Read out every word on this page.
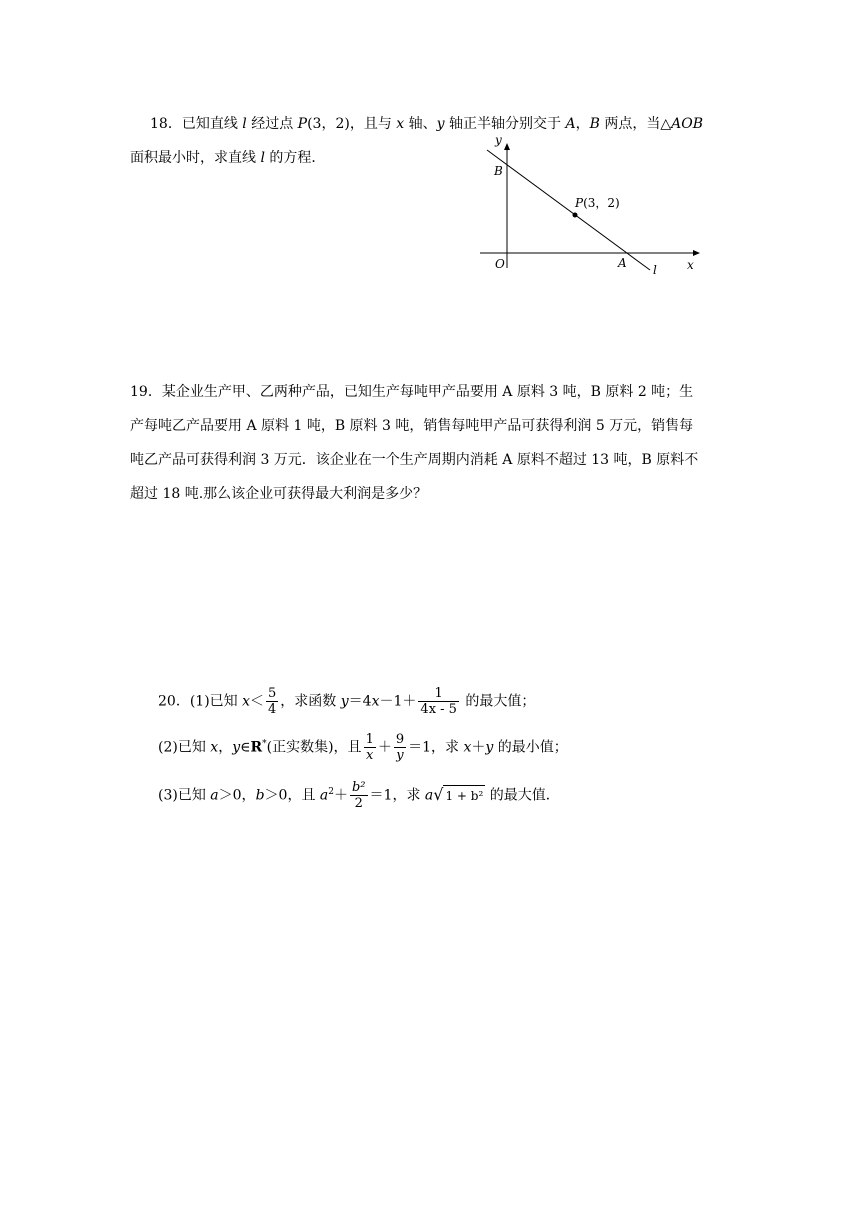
18．已知直线 l 经过点 P(3，2)，且与 x 轴、y 轴正半轴分别交于 A，B 两点，当△AOB
面积最小时，求直线 l 的方程．
y
x
O
B
A l
P(3，2)
19．某企业生产甲、乙两种产品，已知生产每吨甲产品要用 A 原料 3 吨，B 原料 2 吨；生
产每吨乙产品要用 A 原料 1 吨，B 原料 3 吨，销售每吨甲产品可获得利润 5 万元，销售每
吨乙产品可获得利润 3 万元．该企业在一个生产周期内消耗 A 原料不超过 13 吨，B 原料不
超过 18 吨.那么该企业可获得最大利润是多少？
20．(1)已知 $x< \frac{5}{4}$ ，求函数 $y=4x-1+ \frac{1}{4x - 5}$ 的最大值；
(2)已知 x，y∈R*(正实数集)，且 $\frac{1}{x} + \frac{9}{y} =1$，求 x＋y 的最小值；
(3)已知 a＞0，b＞0，且 $a^2+ \frac{\text{b²}}{2} =1$，求 a√ 1 + b² 的最大值．
